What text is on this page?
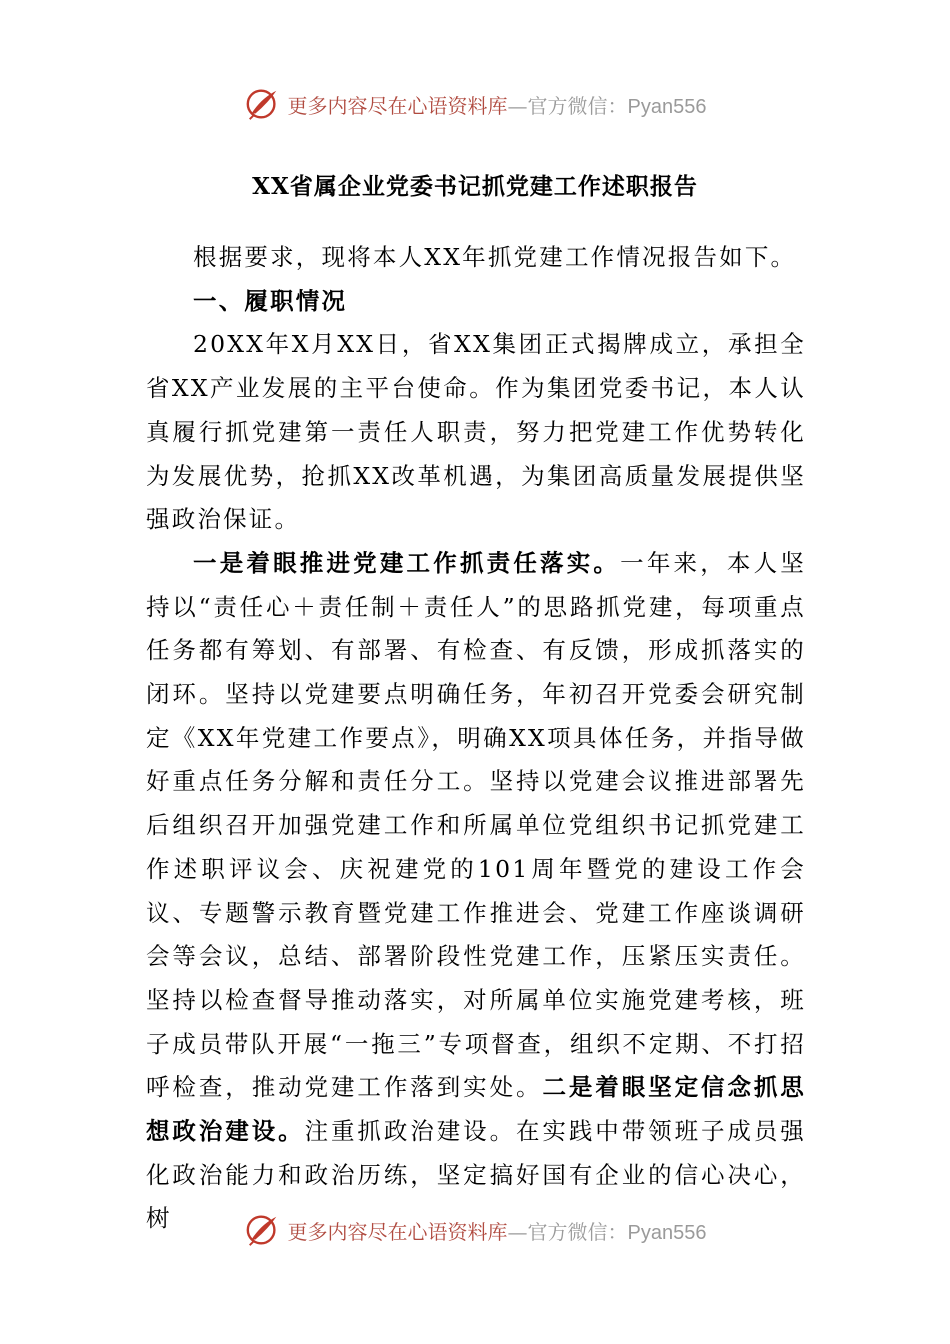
更多内容尽在心语资料库—官方微信：Pyan556
XX省属企业党委书记抓党建工作述职报告

根据要求，现将本人XX年抓党建工作情况报告如下。

一、履职情况

20XX年X月XX日，省XX集团正式揭牌成立，承担全省XX产业发展的主平台使命。作为集团党委书记，本人认真履行抓党建第一责任人职责，努力把党建工作优势转化为发展优势，抢抓XX改革机遇，为集团高质量发展提供坚强政治保证。

一是着眼推进党建工作抓责任落实。一年来，本人坚持以“责任心＋责任制＋责任人”的思路抓党建，每项重点任务都有筹划、有部署、有检查、有反馈，形成抓落实的闭环。坚持以党建要点明确任务，年初召开党委会研究制定《XX年党建工作要点》，明确XX项具体任务，并指导做好重点任务分解和责任分工。坚持以党建会议推进部署先后组织召开加强党建工作和所属单位党组织书记抓党建工作述职评议会、庆祝建党的101周年暨党的建设工作会议、专题警示教育暨党建工作推进会、党建工作座谈调研会等会议，总结、部署阶段性党建工作，压紧压实责任。坚持以检查督导推动落实，对所属单位实施党建考核，班子成员带队开展“一拖三”专项督查，组织不定期、不打招呼检查，推动党建工作落到实处。二是着眼坚定信念抓思想政治建设。注重抓政治建设。在实践中带领班子成员强化政治能力和政治历练，坚定搞好国有企业的信心决心，树	更多内容尽在心语资料库—官方微信：Pyan556
